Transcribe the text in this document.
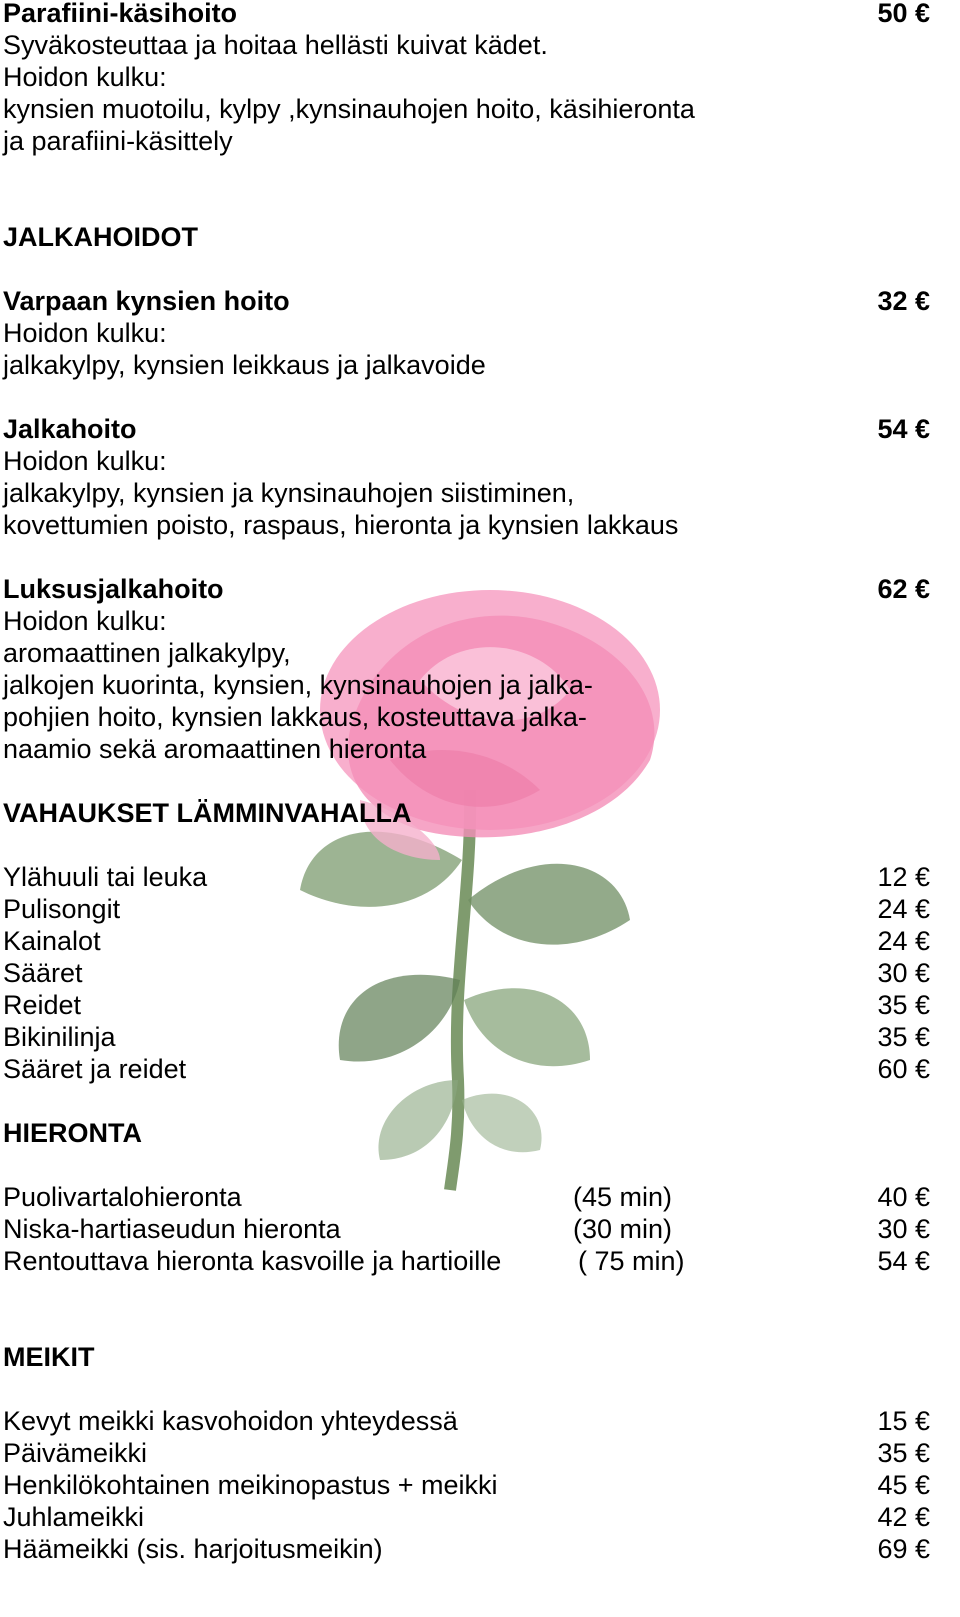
Parafiini-käsihoito	50 €
Syväkosteuttaa ja hoitaa hellästi kuivat kädet.
Hoidon kulku:
kynsien muotoilu, kylpy ,kynsinauhojen hoito, käsihieronta
ja parafiini-käsittely
JALKAHOIDOT
Varpaan kynsien hoito	32 €
Hoidon kulku:
jalkakylpy, kynsien leikkaus ja jalkavoide
Jalkahoito	54 €
Hoidon kulku:
jalkakylpy, kynsien ja kynsinauhojen siistiminen,
kovettumien poisto, raspaus, hieronta ja kynsien lakkaus
Luksusjalkahoito	62 €
Hoidon kulku:
aromaattinen jalkakylpy,
jalkojen kuorinta, kynsien, kynsinauhojen ja jalka-
pohjien hoito, kynsien lakkaus, kosteuttava jalka-
naamio sekä aromaattinen hieronta
VAHAUKSET LÄMMINVAHALLA
Ylähuuli tai leuka	12 €
Pulisongit	24 €
Kainalot	24 €
Sääret	30 €
Reidet	35 €
Bikinilinja	35 €
Sääret ja reidet	60 €
HIERONTA
Puolivartalohieronta	(45 min)	40 €
Niska-hartiaseudun hieronta	(30 min)	30 €
Rentouttava hieronta kasvoille ja hartioille	( 75 min)	54 €
MEIKIT
Kevyt meikki kasvohoidon yhteydessä	15 €
Päivämeikki	35 €
Henkilökohtainen meikinopastus + meikki	45 €
Juhlameikki	42 €
Häämeikki (sis. harjoitusmeikin)	69 €
